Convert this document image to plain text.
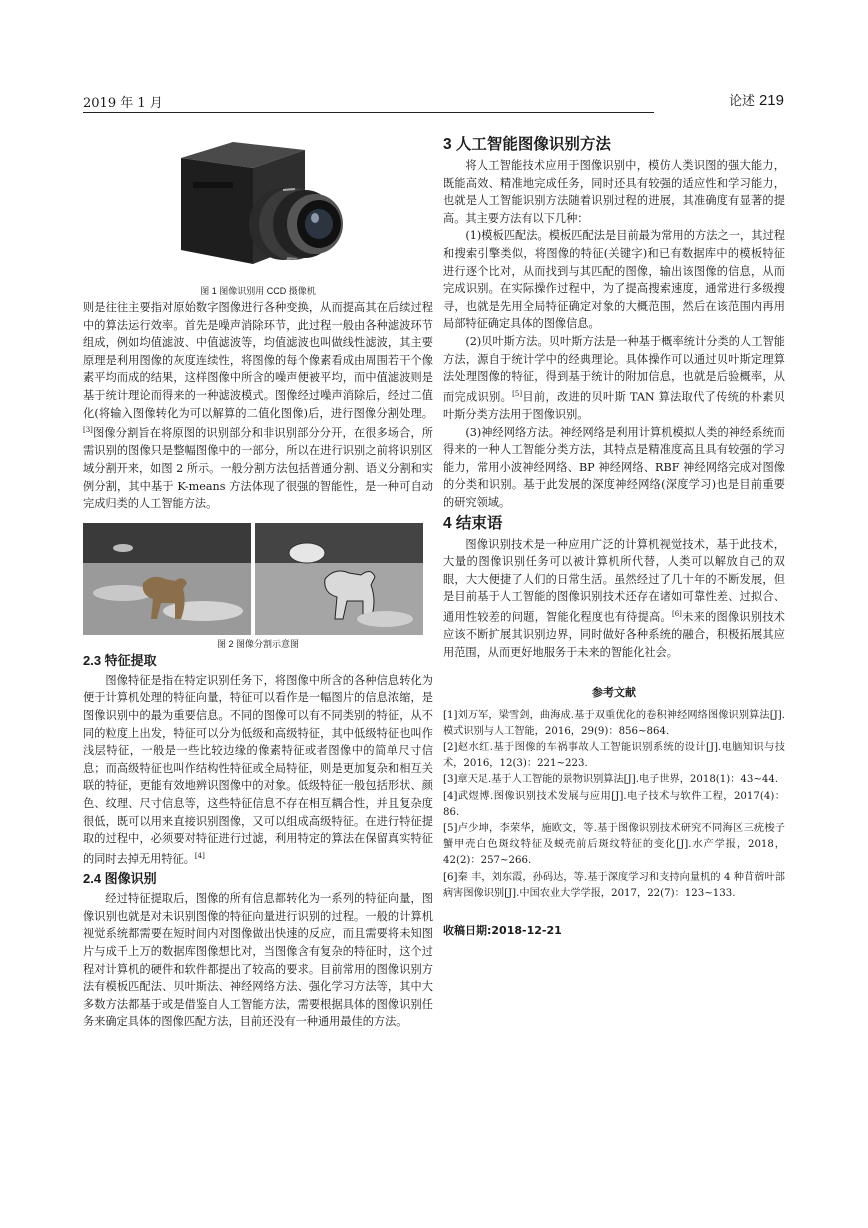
2019 年 1 月	论述 219
图 1 图像识别用 CCD 摄像机

则是往往主要指对原始数字图像进行各种变换，从而提高其在后续过程中的算法运行效率。首先是噪声消除环节，此过程一般由各种滤波环节组成，例如均值滤波、中值滤波等，均值滤波也叫做线性滤波，其主要原理是利用图像的灰度连续性，将图像的每个像素看成由周围若干个像素平均而成的结果，这样图像中所含的噪声便被平均，而中值滤波则是基于统计理论而得来的一种滤波模式。图像经过噪声消除后，经过二值化(将输入图像转化为可以解算的二值化图像)后，进行图像分割处理。[3]图像分割旨在将原图的识别部分和非识别部分分开，在很多场合，所需识别的图像只是整幅图像中的一部分，所以在进行识别之前将识别区域分割开来，如图 2 所示。一般分割方法包括普通分割、语义分割和实例分割，其中基于 K-means 方法体现了很强的智能性，是一种可自动完成归类的人工智能方法。

图 2 图像分割示意图
2.3 特征提取

图像特征是指在特定识别任务下，将图像中所含的各种信息转化为便于计算机处理的特征向量，特征可以看作是一幅图片的信息浓缩，是图像识别中的最为重要信息。不同的图像可以有不同类别的特征，从不同的粒度上出发，特征可以分为低级和高级特征，其中低级特征也叫作浅层特征，一般是一些比较边缘的像素特征或者图像中的简单尺寸信息；而高级特征也叫作结构性特征或全局特征，则是更加复杂和相互关联的特征，更能有效地辨识图像中的对象。低级特征一般包括形状、颜色、纹理、尺寸信息等，这些特征信息不存在相互耦合性，并且复杂度很低，既可以用来直接识别图像，又可以组成高级特征。在进行特征提取的过程中，必须要对特征进行过滤，利用特定的算法在保留真实特征的同时去掉无用特征。[4]

2.4 图像识别

经过特征提取后，图像的所有信息都转化为一系列的特征向量，图像识别也就是对未识别图像的特征向量进行识别的过程。一般的计算机视觉系统都需要在短时间内对图像做出快速的反应，而且需要将未知图片与成千上万的数据库图像想比对，当图像含有复杂的特征时，这个过程对计算机的硬件和软件都提出了较高的要求。目前常用的图像识别方法有模板匹配法、贝叶斯法、神经网络方法、强化学习方法等，其中大多数方法都基于或是借鉴自人工智能方法，需要根据具体的图像识别任务来确定具体的图像匹配方法，目前还没有一种通用最佳的方法。

3 人工智能图像识别方法

将人工智能技术应用于图像识别中，模仿人类识图的强大能力，既能高效、精准地完成任务，同时还具有较强的适应性和学习能力，也就是人工智能识别方法随着识别过程的进展，其准确度有显著的提高。其主要方法有以下几种：

(1)模板匹配法。模板匹配法是目前最为常用的方法之一，其过程和搜索引擎类似，将图像的特征(关键字)和已有数据库中的模板特征进行逐个比对，从而找到与其匹配的图像，输出该图像的信息，从而完成识别。在实际操作过程中，为了提高搜索速度，通常进行多级搜寻，也就是先用全局特征确定对象的大概范围，然后在该范围内再用局部特征确定具体的图像信息。

(2)贝叶斯方法。贝叶斯方法是一种基于概率统计分类的人工智能方法，源自于统计学中的经典理论。具体操作可以通过贝叶斯定理算法处理图像的特征，得到基于统计的附加信息，也就是后验概率，从而完成识别。[5]目前，改进的贝叶斯 TAN 算法取代了传统的朴素贝叶斯分类方法用于图像识别。

(3)神经网络方法。神经网络是利用计算机模拟人类的神经系统而得来的一种人工智能分类方法，其特点是精准度高且具有较强的学习能力，常用小波神经网络、BP 神经网络、RBF 神经网络完成对图像的分类和识别。基于此发展的深度神经网络(深度学习)也是目前重要的研究领域。

4 结束语

图像识别技术是一种应用广泛的计算机视觉技术，基于此技术，大量的图像识别任务可以被计算机所代替，人类可以解放自己的双眼，大大便捷了人们的日常生活。虽然经过了几十年的不断发展，但是目前基于人工智能的图像识别技术还存在诸如可靠性差、过拟合、通用性较差的问题，智能化程度也有待提高。[6]未来的图像识别技术应该不断扩展其识别边界，同时做好各种系统的融合，积极拓展其应用范围，从而更好地服务于未来的智能化社会。

参考文献
[1]刘万军，梁雪剑，曲海成.基于双重优化的卷积神经网络图像识别算法[J].模式识别与人工智能，2016，29(9)：856~864.
[2]赵水红.基于图像的车祸事故人工智能识别系统的设计[J].电脑知识与技术，2016，12(3)：221~223.
[3]章天足.基于人工智能的景物识别算法[J].电子世界，2018(1)：43~44.
[4]武煜博.图像识别技术发展与应用[J].电子技术与软件工程，2017(4)：86.
[5]卢少坤，李荣华，施欧文，等.基于图像识别技术研究不同海区三疣梭子蟹甲壳白色斑纹特征及蜕壳前后斑纹特征的变化[J].水产学报，2018，42(2)：257~266.
[6]秦 丰，刘东霞，孙码达，等.基于深度学习和支持向量机的 4 种苜蓿叶部病害图像识别[J].中国农业大学学报，2017，22(7)：123~133.
收稿日期:2018-12-21
